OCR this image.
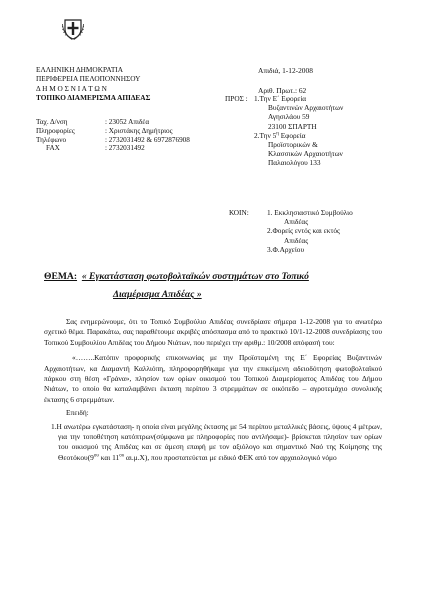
ΕΛΛΗΝΙΚΗ ΔΗΜΟΚΡΑΤΙΑ
ΠΕΡΙΦΕΡΕΙΑ ΠΕΛΟΠΟΝΝΗΣΟΥ
Δ Η Μ Ο Σ Ν Ι Α Τ Ω Ν
ΤΟΠΙΚΟ ΔΙΑΜΕΡΙΣΜΑ ΑΠΙΔΕΑΣ
Ταχ. Δ/νση	: 23052 Απιδέα
Πληροφορίες	: Χριστάκης Δημήτριος
Τηλέφωνο	: 2732031492 & 6972876908
FAX	: 2732031492
Απιδιά, 1-12-2008
Αριθ. Πρωτ.: 62
ΠΡΟΣ : 1.Την Ε΄ Εφορεία
Βυζαντινών Αρχαιοτήτων
Αγησιλάου 59
23100 ΣΠΑΡΤΗ
2.Την $5^\eta$ Εφορεία
Προϊστορικών &
Κλασσικών Αρχαιοτήτων
Παλαιολόγου 133
ΚΟΙΝ:	1. Εκκλησιαστικό Συμβούλιο
Απιδέας
2.Φορείς εντός και εκτός
Απιδέας
3.Φ.Αρχείου
ΘΕΜΑ: « Εγκατάσταση φωτοβολταϊκών συστημάτων στο Τοπικό
Διαμέρισμα Απιδέας »

Σας ενημερώνουμε, ότι το Τοπικό Συμβούλιο Απιδέας συνεδρίασε σήμερα 1-12-2008 για το ανωτέρω σχετικό θέμα. Παρακάτω, σας παραθέτουμε ακριβές απόσπασμα από το πρακτικό 10/1-12-2008 συνεδρίασης του Τοπικού Συμβουλίου Απιδέας του Δήμου Νιάτων, που περιέχει την αριθμ.: 10/2008 απόφασή του:

«……..Κατόπιν προφορικής επικοινωνίας με την Προϊσταμένη της Ε΄ Εφορείας Βυζαντινών Αρχαιοτήτων, κα Διαμαντή Καλλιόπη, πληροφορηθήκαμε για την επικείμενη αδειοδότηση φωτοβολταϊκού πάρκου στη θέση «Γράνα», πλησίον των ορίων οικισμού του Τοπικού Διαμερίσματος Απιδέας του Δήμου Νιάτων, το οποίο θα καταλαμβάνει έκταση περίπου 3 στρεμμάτων σε οικόπεδο – αγροτεμάχιο συνολικής έκτασης 6 στρεμμάτων.

Επειδή:

1.Η ανωτέρω εγκατάσταση- η οποία είναι μεγάλης έκτασης με 54 περίπου μεταλλικές βάσεις, ύψους 4 μέτρων, για την τοποθέτηση κατόπτρων(σύμφωνα με πληροφορίες που αντλήσαμε)- βρίσκεται πλησίον των ορίων του οικισμού της Απιδέας και σε άμεση επαφή με τον αξιόλογο και σημαντικό Ναό της Κοίμησης της $\Theta\varepsilon o\tau ό\kappa o\upsilon(9^{o\upsilon}$ και $11^{o\upsilon}$ αι.μ.Χ), που προστατεύεται με ειδικό ΦΕΚ από τον αρχαιολογικό νόμο
